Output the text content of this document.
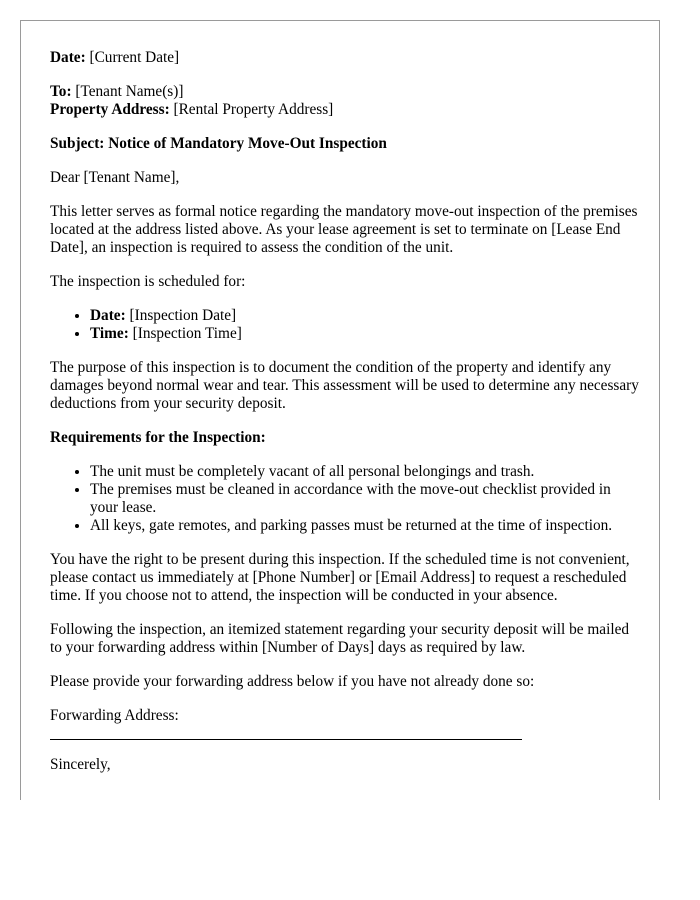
Date: [Current Date]

To: [Tenant Name(s)]

Property Address: [Rental Property Address]

Subject: Notice of Mandatory Move-Out Inspection

Dear [Tenant Name],

This letter serves as formal notice regarding the mandatory move-out inspection of the premises located at the address listed above. As your lease agreement is set to terminate on [Lease End Date], an inspection is required to assess the condition of the unit.

The inspection is scheduled for:

• Date: [Inspection Date]
• Time: [Inspection Time]

The purpose of this inspection is to document the condition of the property and identify any damages beyond normal wear and tear. This assessment will be used to determine any necessary deductions from your security deposit.

Requirements for the Inspection:

• The unit must be completely vacant of all personal belongings and trash.
• The premises must be cleaned in accordance with the move-out checklist provided in your lease.
• All keys, gate remotes, and parking passes must be returned at the time of inspection.

You have the right to be present during this inspection. If the scheduled time is not convenient, please contact us immediately at [Phone Number] or [Email Address] to request a rescheduled time. If you choose not to attend, the inspection will be conducted in your absence.

Following the inspection, an itemized statement regarding your security deposit will be mailed to your forwarding address within [Number of Days] days as required by law.

Please provide your forwarding address below if you have not already done so:

Forwarding Address:

Sincerely,
